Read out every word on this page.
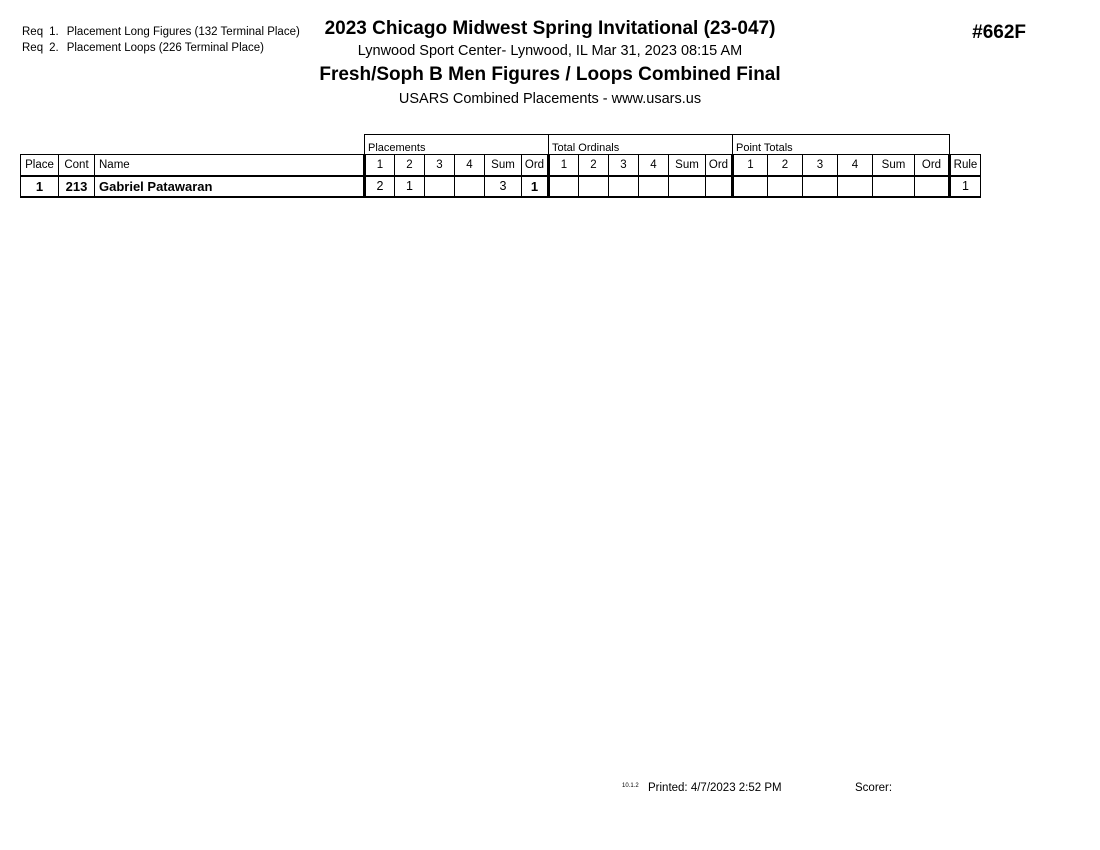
Req 1. Placement Long Figures (132 Terminal Place)
Req 2. Placement Loops (226 Terminal Place)
2023 Chicago Midwest Spring Invitational (23-047)
Lynwood Sport Center- Lynwood, IL Mar 31, 2023 08:15 AM
Fresh/Soph B Men Figures / Loops Combined Final
USARS Combined Placements - www.usars.us
#662F
			Placements						Total Ordinals						Point Totals						
Place	Cont	Name	1	2	3	4	Sum	Ord	1	2	3	4	Sum	Ord	1	2	3	4	Sum	Ord	Rule
1	213	Gabriel Patawaran	2	1			3	1													1
10.1.2 Printed: 4/7/2023 2:52 PM	Scorer:
